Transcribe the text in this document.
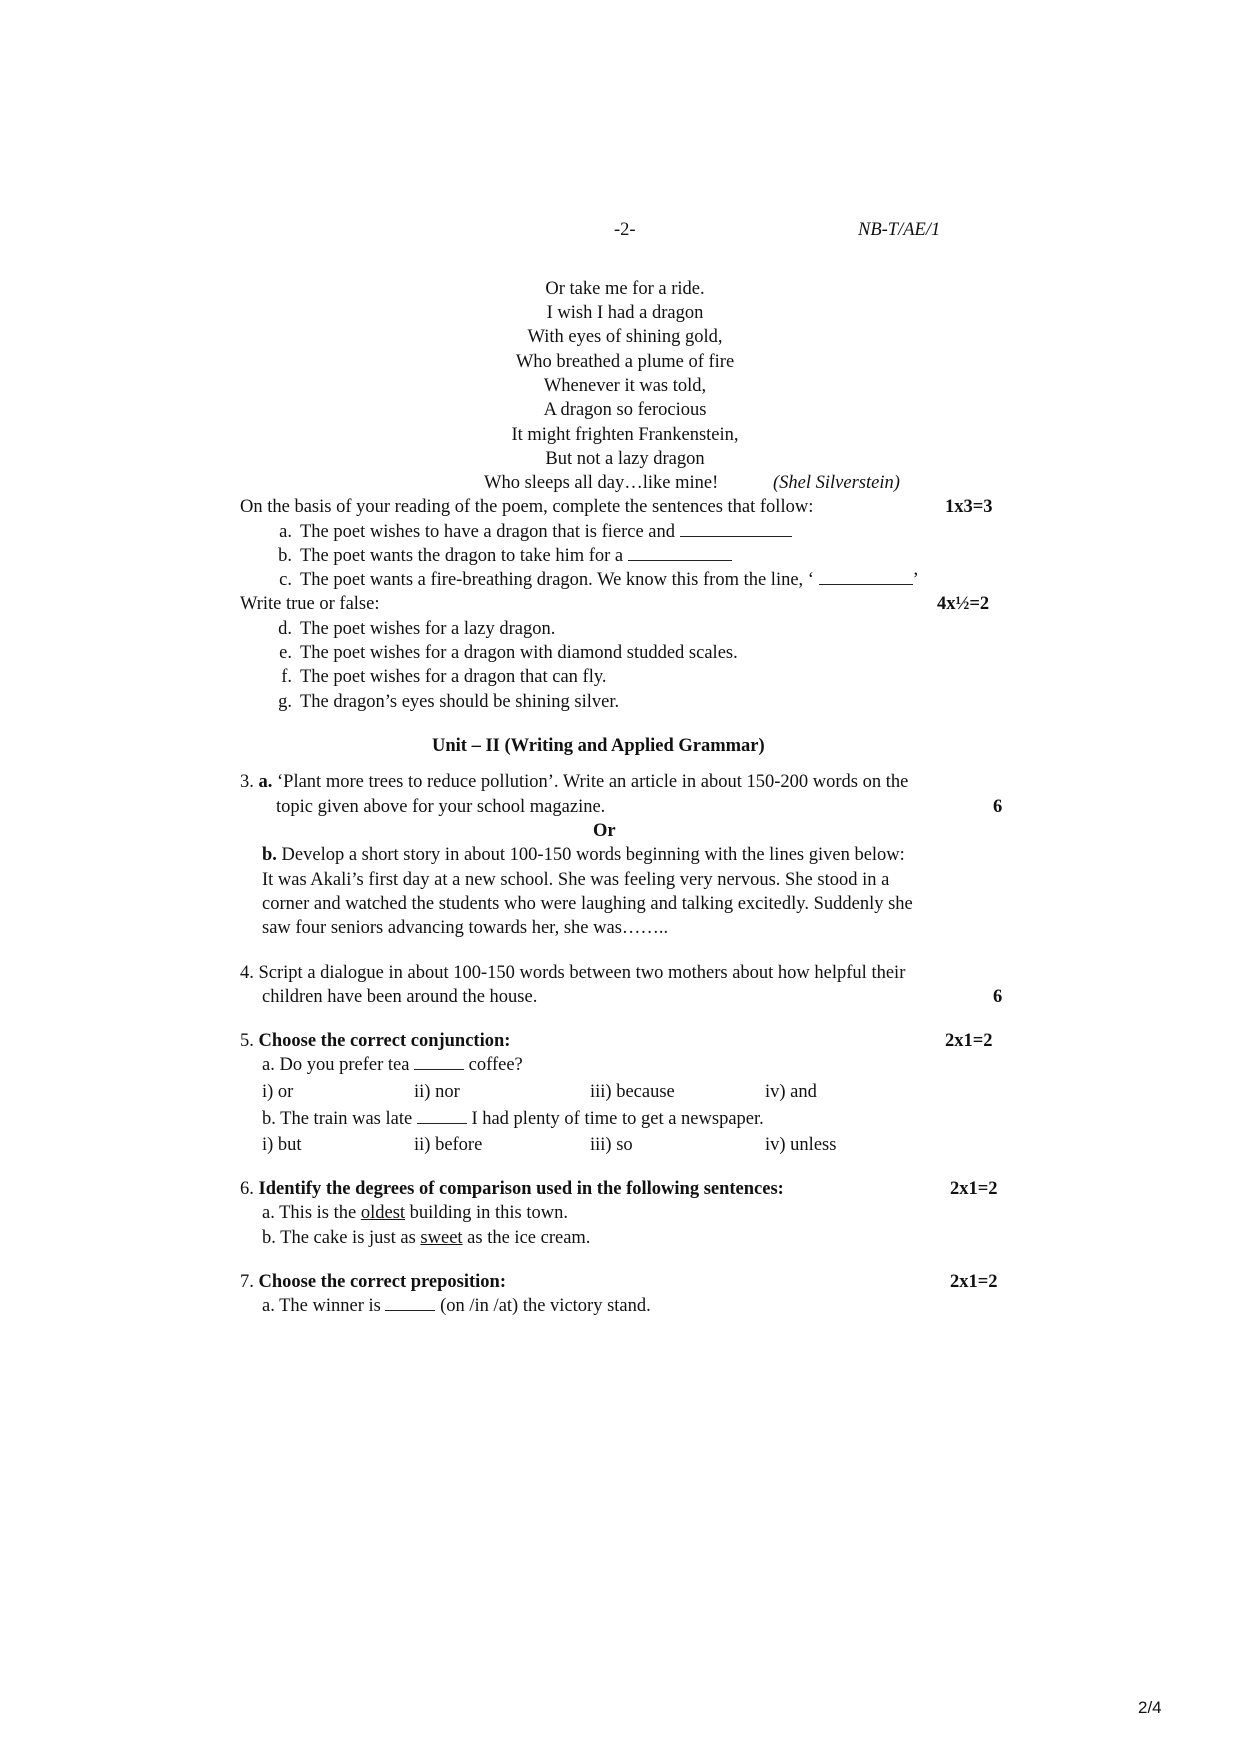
-2-	NB-T/AE/1
Or take me for a ride.
I wish I had a dragon
With eyes of shining gold,
Who breathed a plume of fire
Whenever it was told,
A dragon so ferocious
It might frighten Frankenstein,
But not a lazy dragon
Who sleeps all day…like mine!	(Shel Silverstein)
On the basis of your reading of the poem, complete the sentences that follow:	1x3=3
a. The poet wishes to have a dragon that is fierce and
b. The poet wants the dragon to take him for a
c. The poet wants a fire-breathing dragon. We know this from the line, ‘	’
Write true or false:	4x½=2
d. The poet wishes for a lazy dragon.
e. The poet wishes for a dragon with diamond studded scales.
f. The poet wishes for a dragon that can fly.
g. The dragon’s eyes should be shining silver.
Unit – II (Writing and Applied Grammar)
3. a. ‘Plant more trees to reduce pollution’. Write an article in about 150-200 words on the
topic given above for your school magazine.	6
Or
b. Develop a short story in about 100-150 words beginning with the lines given below:
It was Akali’s first day at a new school. She was feeling very nervous. She stood in a
corner and watched the students who were laughing and talking excitedly. Suddenly she
saw four seniors advancing towards her, she was……..
4. Script a dialogue in about 100-150 words between two mothers about how helpful their
children have been around the house.	6
5. Choose the correct conjunction:	2x1=2
a. Do you prefer tea	coffee?
i) or	ii) nor	iii) because	iv) and
b. The train was late	I had plenty of time to get a newspaper.
i) but	ii) before	iii) so	iv) unless
6. Identify the degrees of comparison used in the following sentences:	2x1=2
a. This is the oldest building in this town.
b. The cake is just as sweet as the ice cream.
7. Choose the correct preposition:	2x1=2
a. The winner is	(on /in /at) the victory stand.
2/4
